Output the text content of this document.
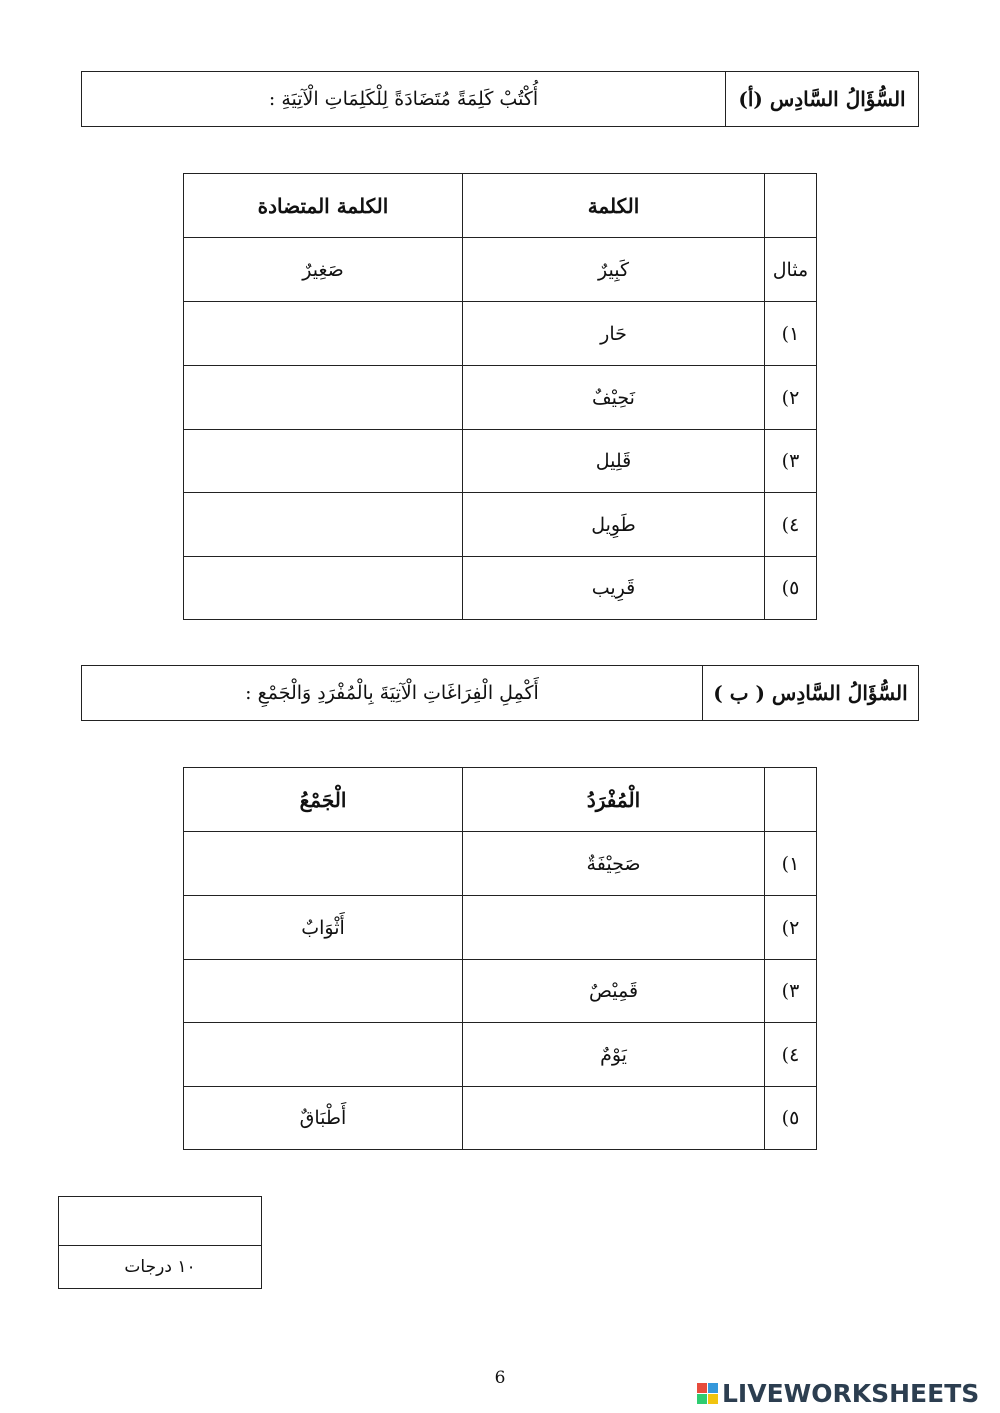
السُّؤَالُ السَّادِس (أ)
أُكْتُبْ كَلِمَةً مُتَضَادَةً لِلْكَلِمَاتِ الْآتِيَةِ :
	الكلمة	الكلمة المتضادة
مثال	كَبِيرٌ	صَغِيرٌ
١)	حَار	
٢)	نَحِيْفٌ	
٣)	قَلِيل	
٤)	طَوِيل	
٥)	قَرِيب	
السُّؤَالُ السَّادِس ( ب )
أَكْمِلِ الْفِرَاغَاتِ الْآتِيَةَ بِالْمُفْرَدِ وَالْجَمْعِ :
	الْمُفْرَدُ	الْجَمْعُ
١)	صَحِيْفَةٌ	
٢)		أَثْوَابٌ
٣)	قَمِيْصٌ	
٤)	يَوْمٌ	
٥)		أَطْبَاقٌ
١٠ درجات
6
LIVEWORKSHEETS
